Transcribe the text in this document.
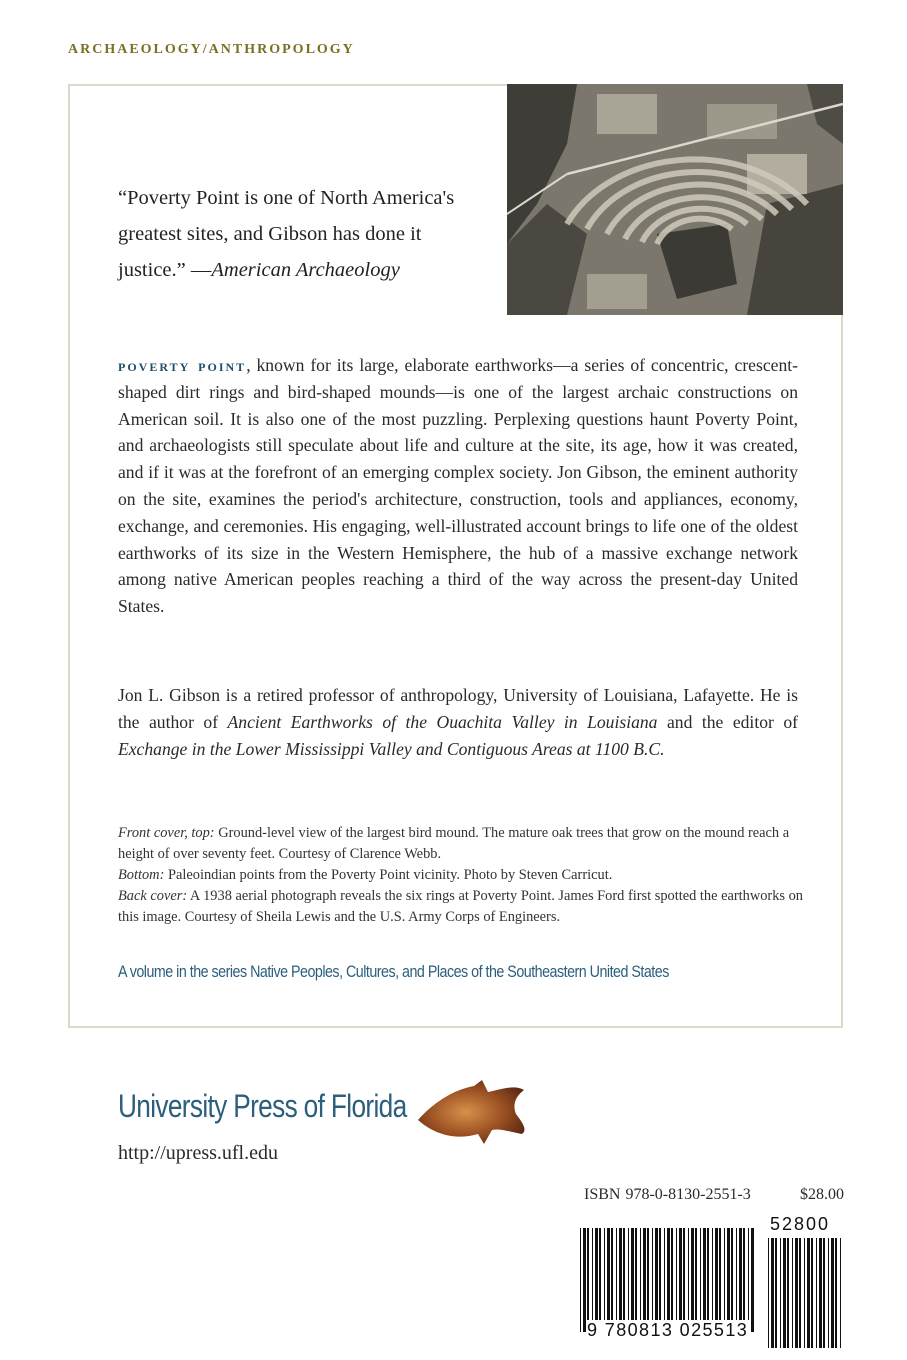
ARCHAEOLOGY/ANTHROPOLOGY
“Poverty Point is one of North America's greatest sites, and Gibson has done it justice.” —American Archaeology
poverty point, known for its large, elaborate earthworks—a series of concentric, crescent-shaped dirt rings and bird-shaped mounds—is one of the largest archaic constructions on American soil. It is also one of the most puzzling. Perplexing questions haunt Poverty Point, and archaeologists still speculate about life and culture at the site, its age, how it was created, and if it was at the forefront of an emerging complex society. Jon Gibson, the eminent authority on the site, examines the period's architecture, construction, tools and appliances, economy, exchange, and ceremonies. His engaging, well-illustrated account brings to life one of the oldest earthworks of its size in the Western Hemisphere, the hub of a massive exchange network among native American peoples reaching a third of the way across the present-day United States.
Jon L. Gibson is a retired professor of anthropology, University of Louisiana, Lafayette. He is the author of Ancient Earthworks of the Ouachita Valley in Louisiana and the editor of Exchange in the Lower Mississippi Valley and Contiguous Areas at 1100 B.C.
Front cover, top: Ground-level view of the largest bird mound. The mature oak trees that grow on the mound reach a height of over seventy feet. Courtesy of Clarence Webb.
Bottom: Paleoindian points from the Poverty Point vicinity. Photo by Steven Carricut.
Back cover: A 1938 aerial photograph reveals the six rings at Poverty Point. James Ford first spotted the earthworks on this image. Courtesy of Sheila Lewis and the U.S. Army Corps of Engineers.
A volume in the series Native Peoples, Cultures, and Places of the Southeastern United States
University Press of Florida
http://upress.ufl.edu
ISBN 978-0-8130-2551-3	$28.00
9 780813 025513
52800
